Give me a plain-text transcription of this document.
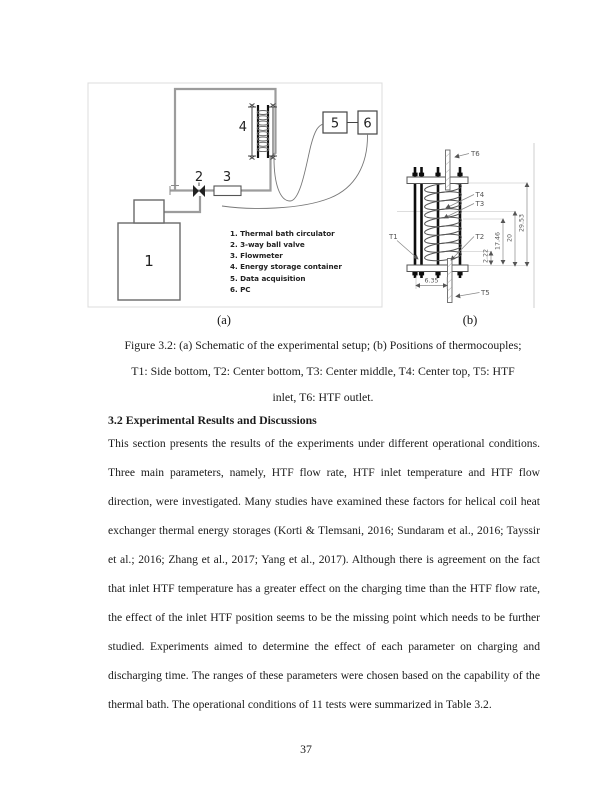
1
2 3
4	5 6
1. Thermal bath circulator
2. 3-way ball valve
3. Flowmeter
4. Energy storage container
5. Data acquisition
6. PC
T6
T4
T3
T2
T1
T5
6.35
2.22
17.46 20
29.53
(a)	(b)
Figure 3.2: (a) Schematic of the experimental setup; (b) Positions of thermocouples; T1: Side bottom, T2: Center bottom, T3: Center middle, T4: Center top, T5: HTF inlet, T6: HTF outlet.
3.2 Experimental Results and Discussions
This section presents the results of the experiments under different operational conditions. Three main parameters, namely, HTF flow rate, HTF inlet temperature and HTF flow direction, were investigated. Many studies have examined these factors for helical coil heat exchanger thermal energy storages (Korti & Tlemsani, 2016; Sundaram et al., 2016; Tayssir et al.; 2016; Zhang et al., 2017; Yang et al., 2017). Although there is agreement on the fact that inlet HTF temperature has a greater effect on the charging time than the HTF flow rate, the effect of the inlet HTF position seems to be the missing point which needs to be further studied. Experiments aimed to determine the effect of each parameter on charging and discharging time. The ranges of these parameters were chosen based on the capability of the thermal bath. The operational conditions of 11 tests were summarized in Table 3.2.
37
